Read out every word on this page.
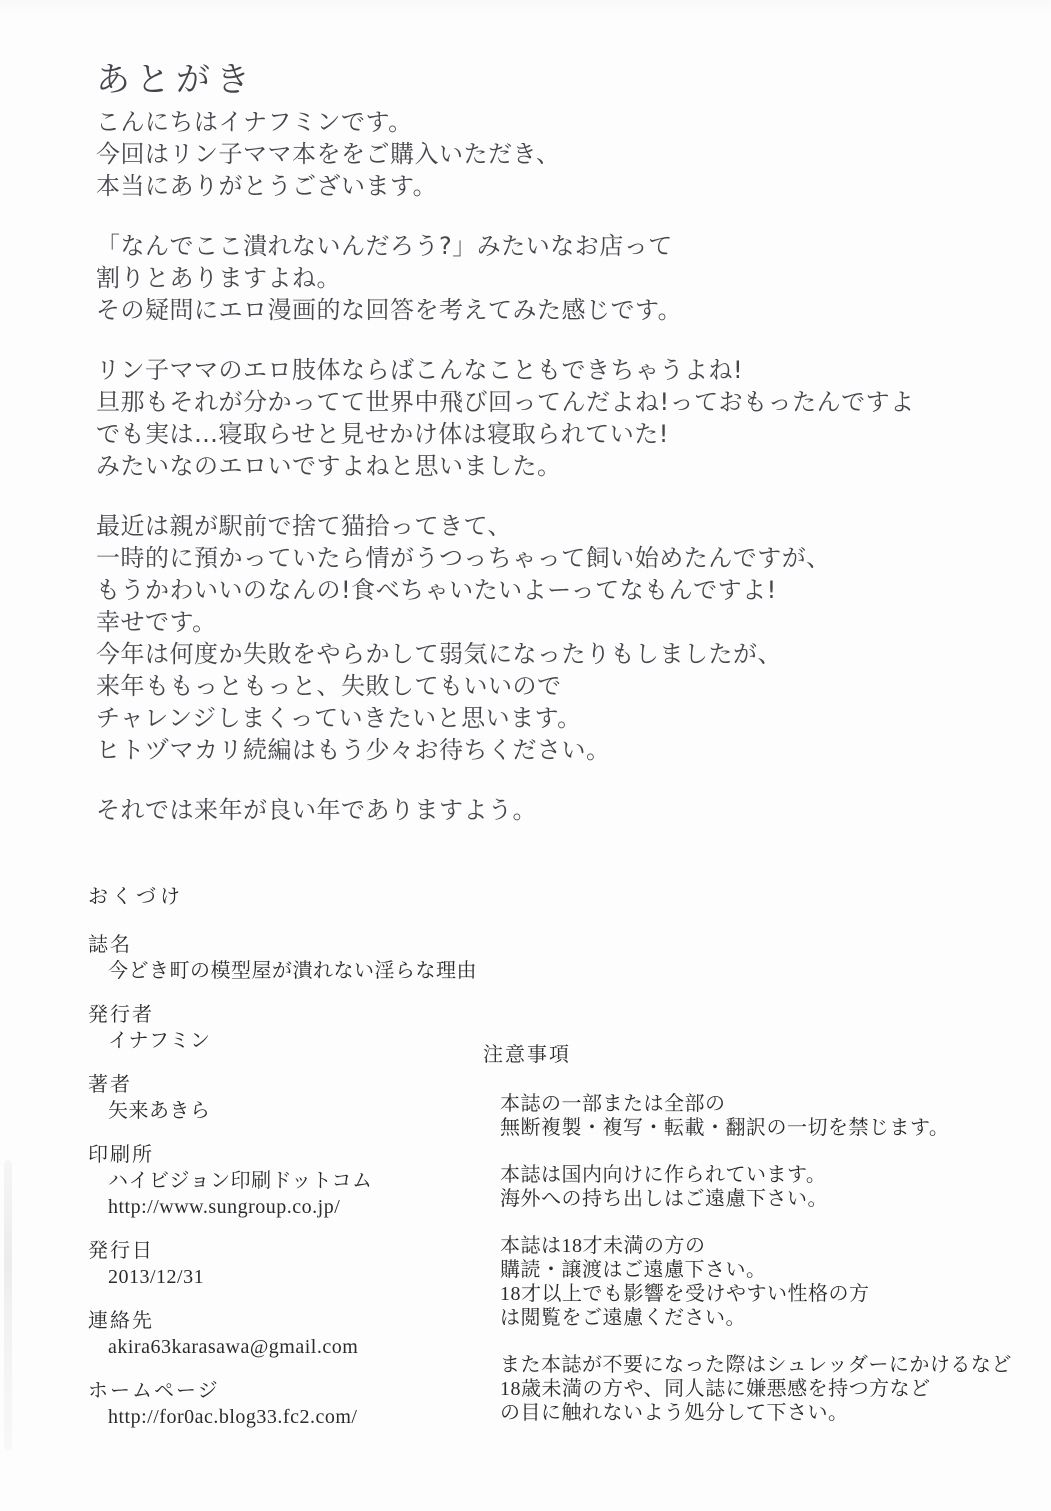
あとがき
こんにちはイナフミンです。
今回はリン子ママ本ををご購入いただき、
本当にありがとうございます。
「なんでここ潰れないんだろう?」みたいなお店って
割りとありますよね。
その疑問にエロ漫画的な回答を考えてみた感じです。
リン子ママのエロ肢体ならばこんなこともできちゃうよね!
旦那もそれが分かってて世界中飛び回ってんだよね!っておもったんですよ
でも実は…寝取らせと見せかけ体は寝取られていた!
みたいなのエロいですよねと思いました。
最近は親が駅前で捨て猫拾ってきて、
一時的に預かっていたら情がうつっちゃって飼い始めたんですが、
もうかわいいのなんの!食べちゃいたいよーってなもんですよ!
幸せです。
今年は何度か失敗をやらかして弱気になったりもしましたが、
来年ももっともっと、失敗してもいいので
チャレンジしまくっていきたいと思います。
ヒトヅマカリ続編はもう少々お待ちください。
それでは来年が良い年でありますよう。
おくづけ
誌名
今どき町の模型屋が潰れない淫らな理由
発行者
イナフミン
著者
矢来あきら
印刷所
ハイビジョン印刷ドットコム
http://www.sungroup.co.jp/
発行日
2013/12/31
連絡先
akira63karasawa@gmail.com
ホームページ
http://for0ac.blog33.fc2.com/
注意事項
本誌の一部または全部の
無断複製・複写・転載・翻訳の一切を禁じます。
本誌は国内向けに作られています。
海外への持ち出しはご遠慮下さい。
本誌は18才未満の方の
購読・譲渡はご遠慮下さい。
18才以上でも影響を受けやすい性格の方
は閲覧をご遠慮ください。
また本誌が不要になった際はシュレッダーにかけるなど
18歳未満の方や、同人誌に嫌悪感を持つ方など
の目に触れないよう処分して下さい。
